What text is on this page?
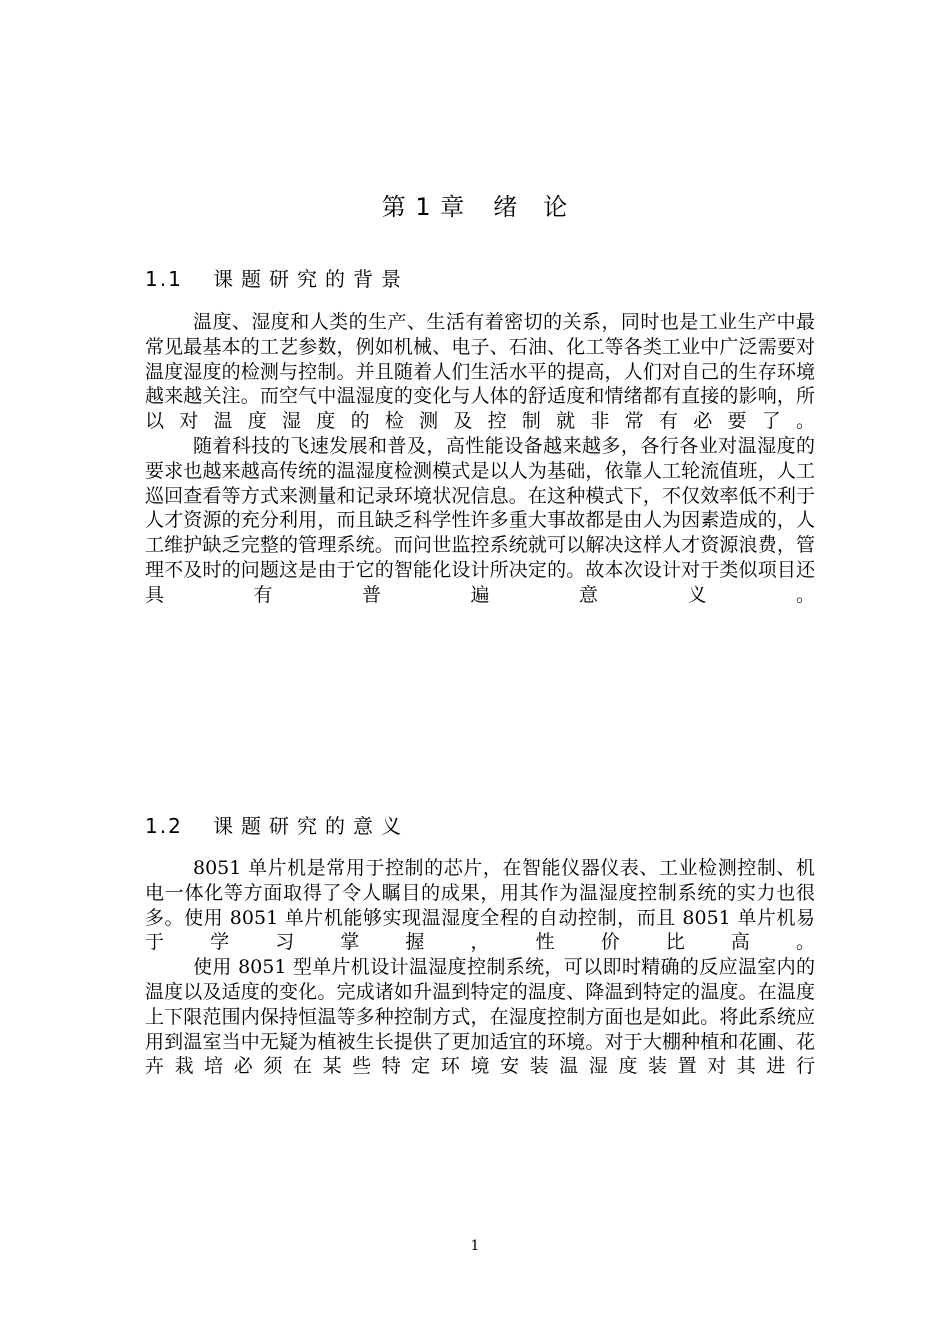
第 1 章 绪　论
1.1 课题研究的背景

温度、湿度和人类的生产、生活有着密切的关系，同时也是工业生产中最常见最基本的工艺参数，例如机械、电子、石油、化工等各类工业中广泛需要对温度湿度的检测与控制。并且随着人们生活水平的提高，人们对自己的生存环境越来越关注。而空气中温湿度的变化与人体的舒适度和情绪都有直接的影响，所以对温度湿度的检测及控制就非常有必要了。

随着科技的飞速发展和普及，高性能设备越来越多，各行各业对温湿度的要求也越来越高传统的温湿度检测模式是以人为基础，依靠人工轮流值班，人工巡回查看等方式来测量和记录环境状况信息。在这种模式下，不仅效率低不利于人才资源的充分利用，而且缺乏科学性许多重大事故都是由人为因素造成的，人工维护缺乏完整的管理系统。而问世监控系统就可以解决这样人才资源浪费，管理不及时的问题这是由于它的智能化设计所决定的。故本次设计对于类似项目还具有普遍意义。

1.2 课题研究的意义

8051 单片机是常用于控制的芯片，在智能仪器仪表、工业检测控制、机电一体化等方面取得了令人瞩目的成果，用其作为温湿度控制系统的实力也很多。使用 8051 单片机能够实现温湿度全程的自动控制，而且 8051 单片机易于学习掌握，性价比高。

使用 8051 型单片机设计温湿度控制系统，可以即时精确的反应温室内的温度以及适度的变化。完成诸如升温到特定的温度、降温到特定的温度。在温度上下限范围内保持恒温等多种控制方式，在湿度控制方面也是如此。将此系统应用到温室当中无疑为植被生长提供了更加适宜的环境。对于大棚种植和花圃、花卉栽培必须在某些特定环境安装温湿度装置对其进行

1
